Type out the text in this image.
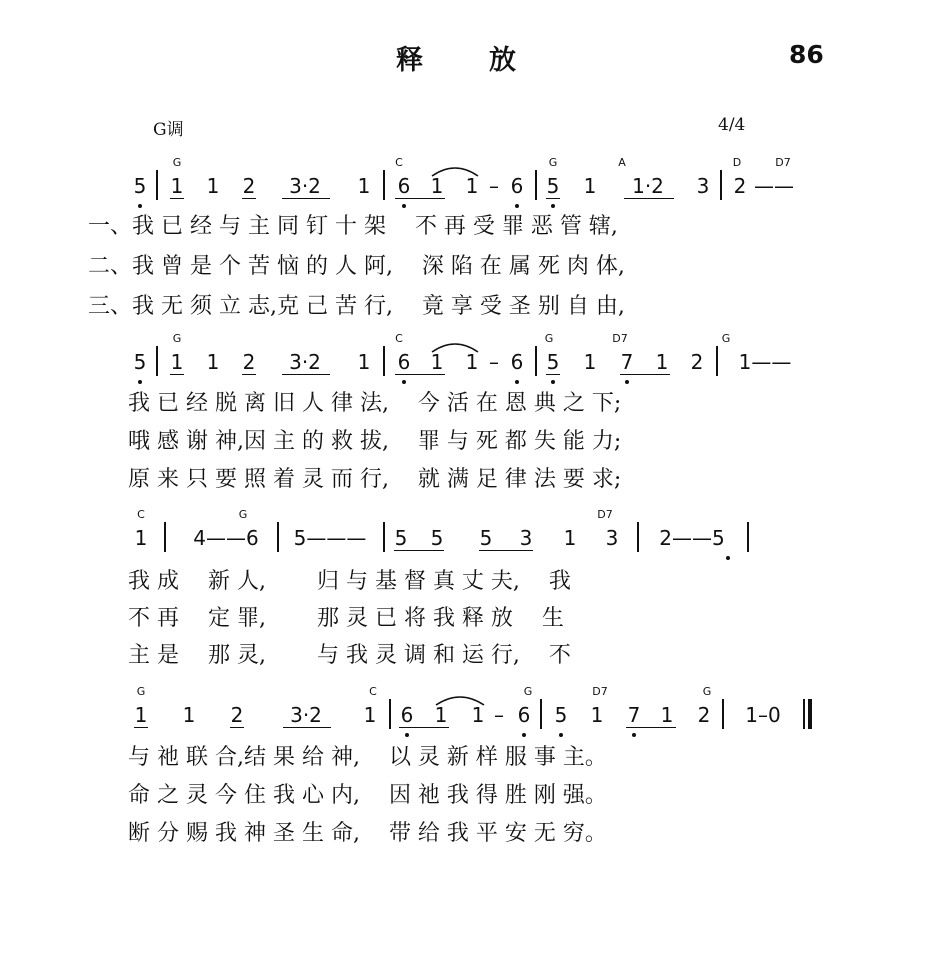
释放	86
G调	4/4
5 1 1 2 3·2 1 6 1 1 – 6 5 1 1·2 3 2 ——
G	C	G	A	D	D7
一、我 已 经 与 主 同 钉 十 架　 不 再 受 罪 恶 管 辖,
二、我 曾 是 个 苦 恼 的 人 阿,　 深 陷 在 属 死 肉 体,
三、我 无 须 立 志,克 己 苦 行,　 竟 享 受 圣 别 自 由,
5 1 1 2 3·2 1 6 1 1 – 6 5 1 7 1 2 1——
G	C	G	D7	G
我 已 经 脱 离 旧 人 律 法,　 今 活 在 恩 典 之 下;
哦 感 谢 神,因 主 的 救 拔,　 罪 与 死 都 失 能 力;
原 来 只 要 照 着 灵 而 行,　 就 满 足 律 法 要 求;
1 4——6 5——— 5 5 5 3 1 3 2——5
C	G	D7
我 成　 新 人,　　 归 与 基 督 真 丈 夫,　 我
不 再　 定 罪,　　 那 灵 已 将 我 释 放　 生
主 是　 那 灵,　　 与 我 灵 调 和 运 行,　 不
1 1 2 3·2 1 6 1 1 – 6 5 1 7 1 2 1–0
G	C	G	D7	G
与 祂 联 合,结 果 给 神,　 以 灵 新 样 服 事 主。
命 之 灵 今 住 我 心 内,　 因 祂 我 得 胜 刚 强。
断 分 赐 我 神 圣 生 命,　 带 给 我 平 安 无 穷。
